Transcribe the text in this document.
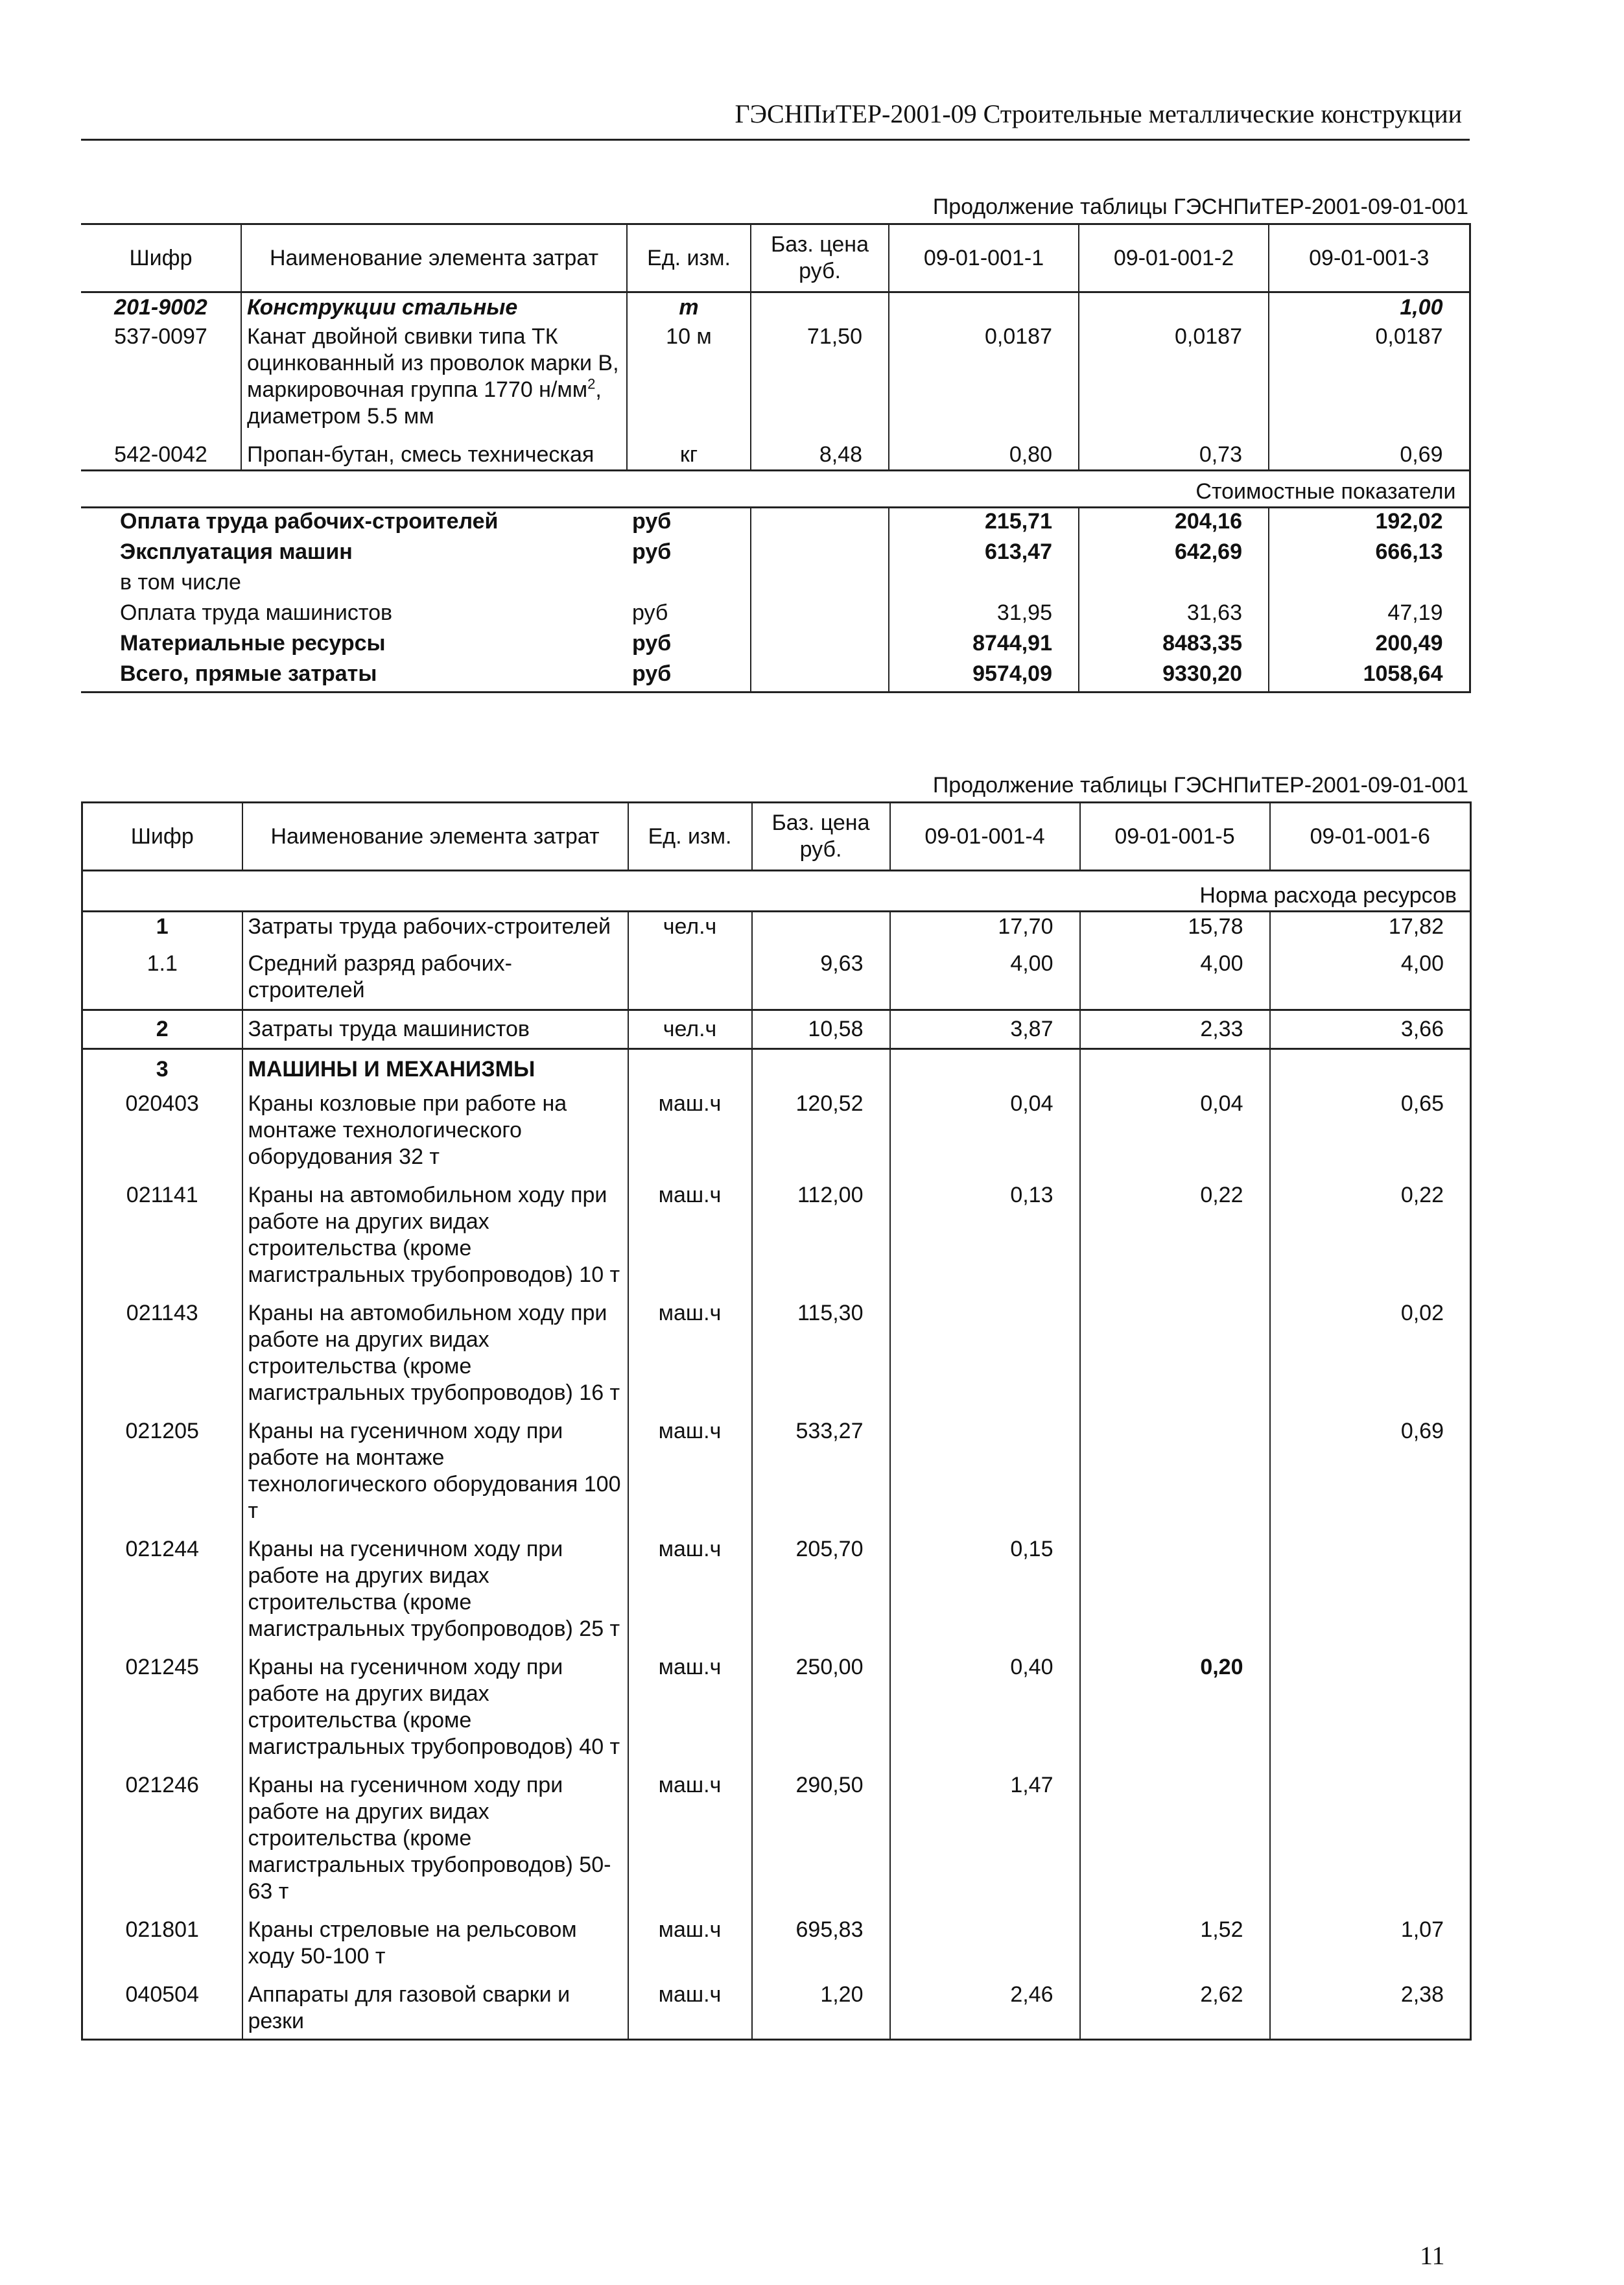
ГЭСНПиТЕР-2001-09 Строительные металлические конструкции
Продолжение таблицы ГЭСНПиТЕР-2001-09-01-001
Шифр	Наименование элемента затрат	Ед. изм.	Баз. цена руб.	09-01-001-1	09-01-001-2	09-01-001-3
201-9002	Конструкции стальные	т				1,00
537-0097	Канат двойной свивки типа ТК оцинкованный из проволок марки В, маркировочная группа 1770 $н/мм^2$, диаметром 5.5 мм	10 м	71,50	0,0187	0,0187	0,0187
542-0042	Пропан-бутан, смесь техническая	кг	8,48	0,80	0,73	0,69
Стоимостные показатели						
Оплата труда рабочих-строителей		руб		215,71	204,16	192,02
Эксплуатация машин		руб		613,47	642,69	666,13
в том числе						
Оплата труда машинистов		руб		31,95	31,63	47,19
Материальные ресурсы		руб		8744,91	8483,35	200,49
Всего, прямые затраты		руб		9574,09	9330,20	1058,64
Продолжение таблицы ГЭСНПиТЕР-2001-09-01-001
Шифр	Наименование элемента затрат	Ед. изм.	Баз. цена руб.	09-01-001-4	09-01-001-5	09-01-001-6
Норма расхода ресурсов						
1	Затраты труда рабочих-строителей	чел.ч		17,70	15,78	17,82
1.1	Средний разряд рабочих-строителей		9,63	4,00	4,00	4,00
2	Затраты труда машинистов	чел.ч	10,58	3,87	2,33	3,66
3	МАШИНЫ И МЕХАНИЗМЫ					
020403	Краны козловые при работе на монтаже технологического оборудования 32 т	маш.ч	120,52	0,04	0,04	0,65
021141	Краны на автомобильном ходу при работе на других видах строительства (кроме магистральных трубопроводов) 10 т	маш.ч	112,00	0,13	0,22	0,22
021143	Краны на автомобильном ходу при работе на других видах строительства (кроме магистральных трубопроводов) 16 т	маш.ч	115,30			0,02
021205	Краны на гусеничном ходу при работе на монтаже технологического оборудования 100 т	маш.ч	533,27			0,69
021244	Краны на гусеничном ходу при работе на других видах строительства (кроме магистральных трубопроводов) 25 т	маш.ч	205,70	0,15		
021245	Краны на гусеничном ходу при работе на других видах строительства (кроме магистральных трубопроводов) 40 т	маш.ч	250,00	0,40	0,20	
021246	Краны на гусеничном ходу при работе на других видах строительства (кроме магистральных трубопроводов) 50-63 т	маш.ч	290,50	1,47		
021801	Краны стреловые на рельсовом ходу 50-100 т	маш.ч	695,83		1,52	1,07
040504	Аппараты для газовой сварки и резки	маш.ч	1,20	2,46	2,62	2,38
11
